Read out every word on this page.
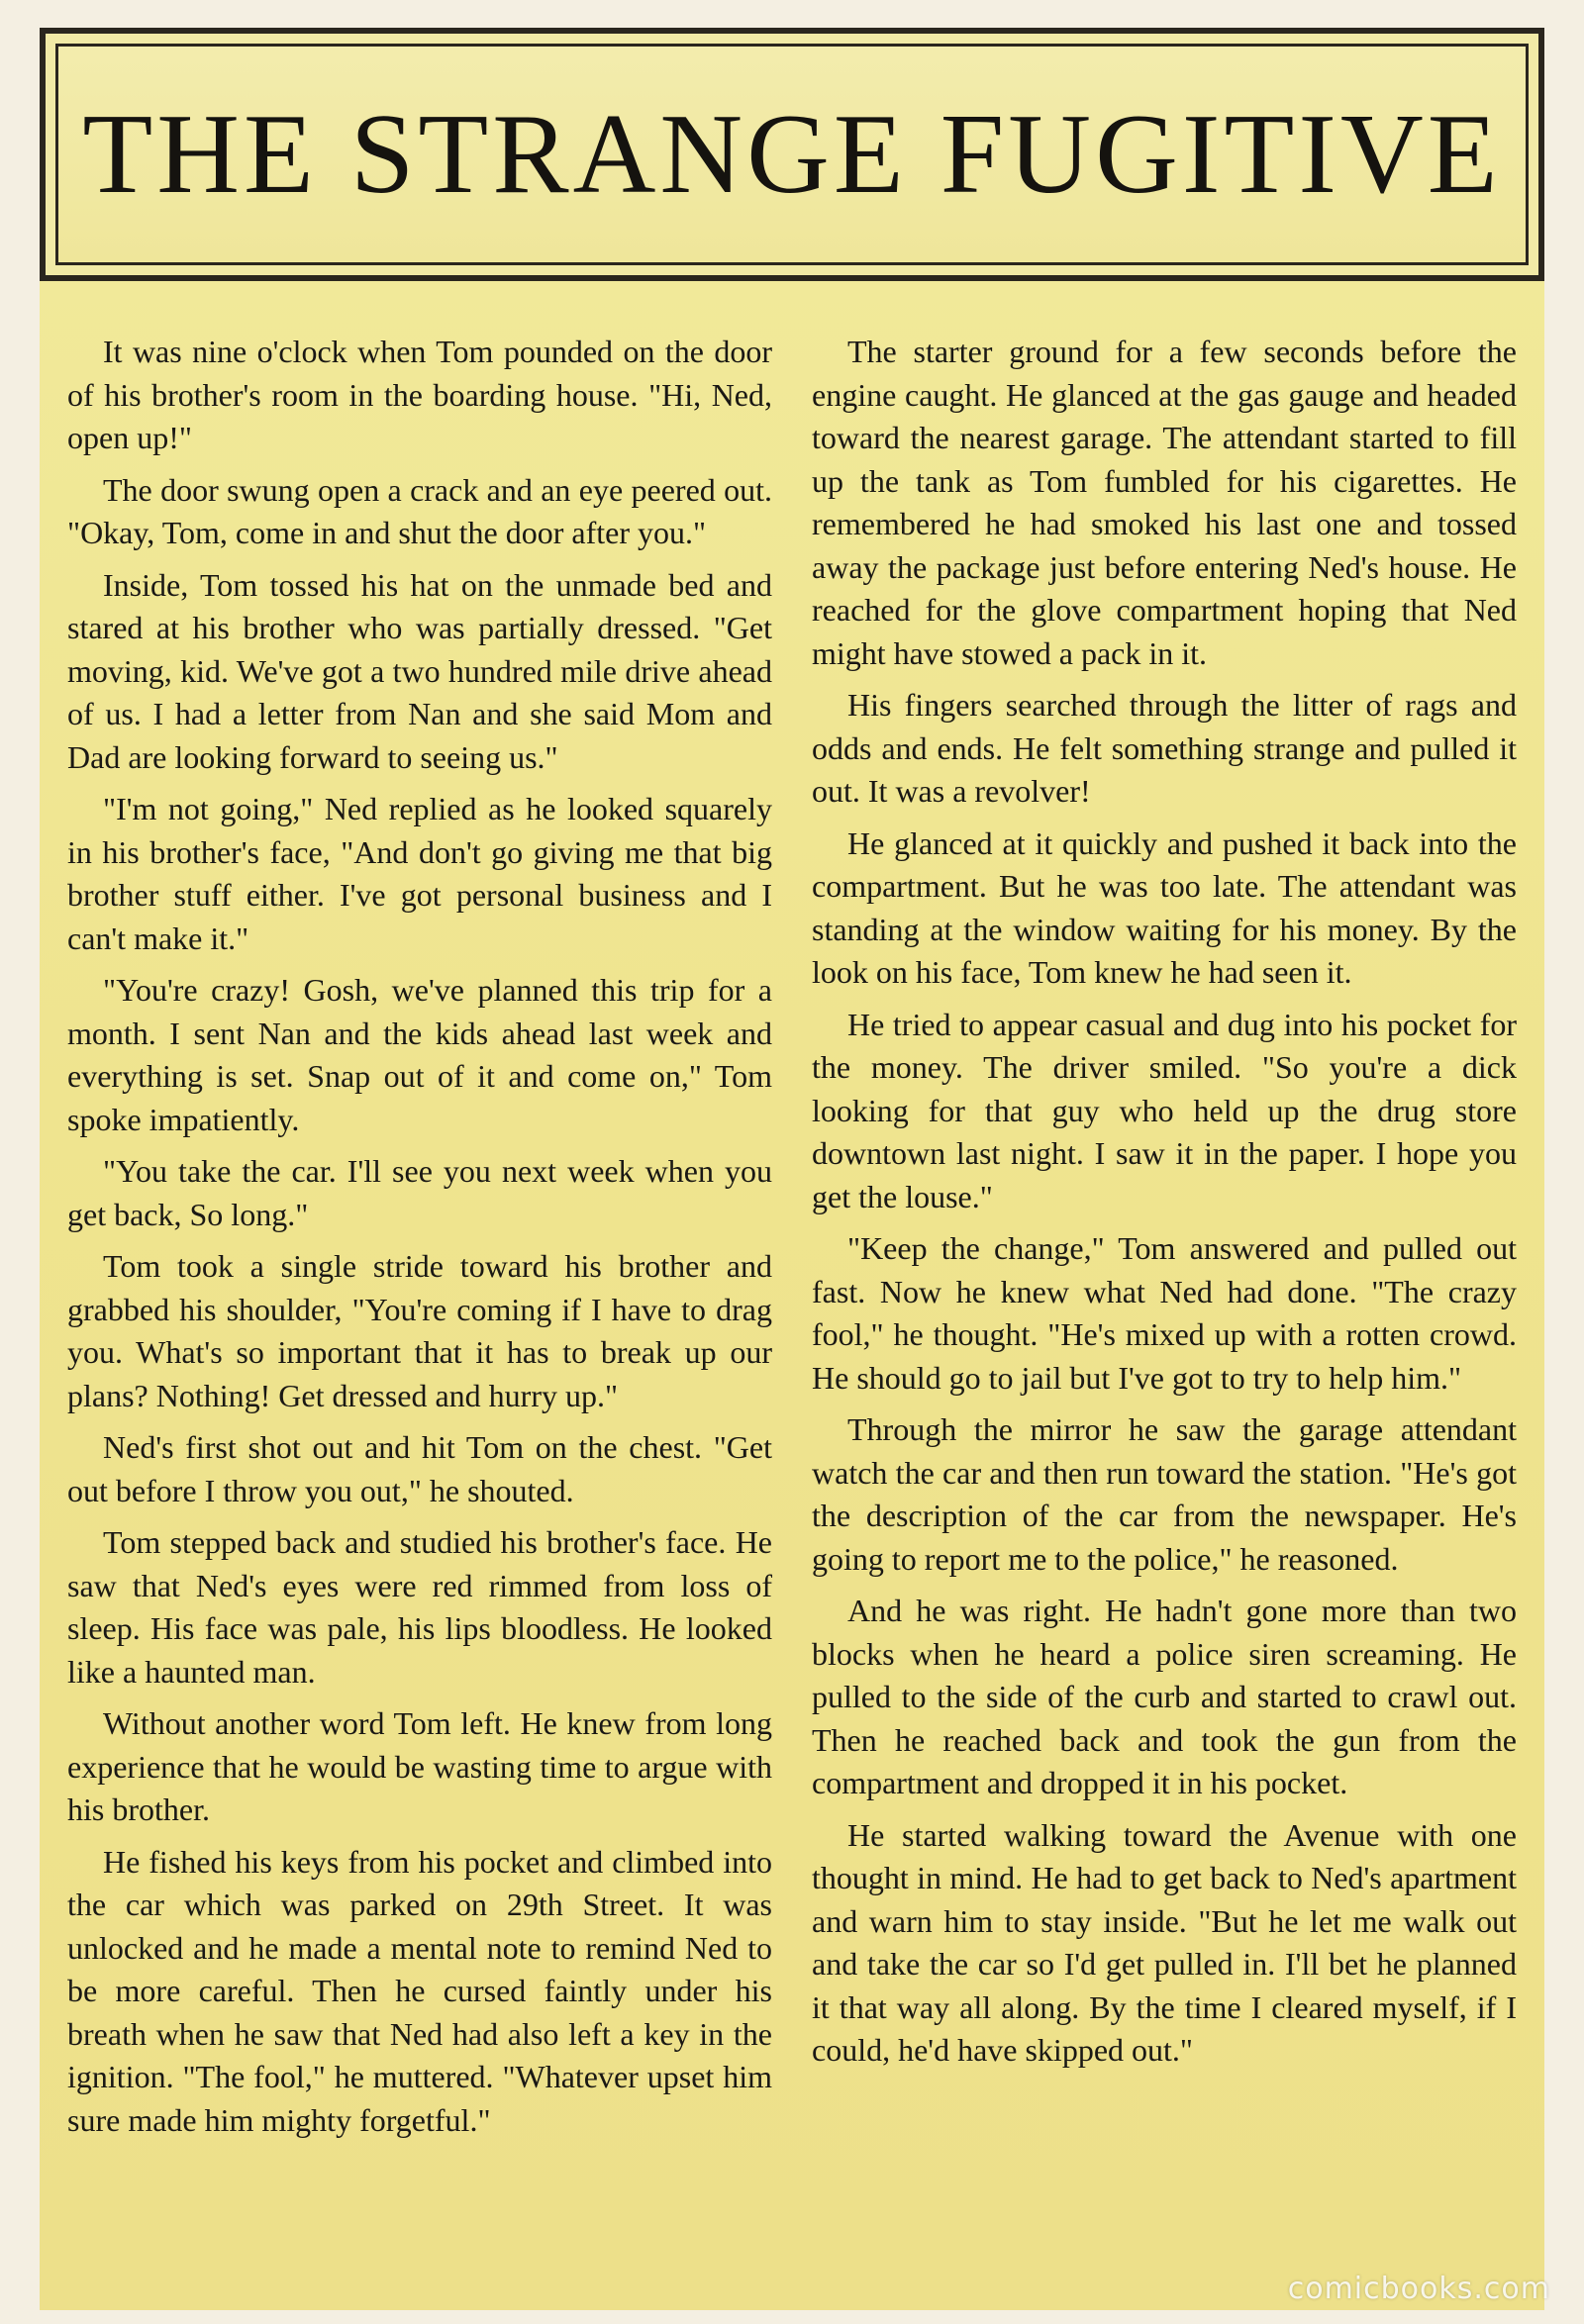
THE STRANGE FUGITIVE

It was nine o'clock when Tom pounded on the door of his brother's room in the boarding house. "Hi, Ned, open up!"

The door swung open a crack and an eye peered out. "Okay, Tom, come in and shut the door after you."

Inside, Tom tossed his hat on the unmade bed and stared at his brother who was partially dressed. "Get moving, kid. We've got a two hundred mile drive ahead of us. I had a letter from Nan and she said Mom and Dad are looking forward to seeing us."

"I'm not going," Ned replied as he looked squarely in his brother's face, "And don't go giving me that big brother stuff either. I've got personal business and I can't make it."

"You're crazy! Gosh, we've planned this trip for a month. I sent Nan and the kids ahead last week and everything is set. Snap out of it and come on," Tom spoke impatiently.

"You take the car. I'll see you next week when you get back, So long."

Tom took a single stride toward his brother and grabbed his shoulder, "You're coming if I have to drag you. What's so important that it has to break up our plans? Nothing! Get dressed and hurry up."

Ned's first shot out and hit Tom on the chest. "Get out before I throw you out," he shouted.

Tom stepped back and studied his brother's face. He saw that Ned's eyes were red rimmed from loss of sleep. His face was pale, his lips bloodless. He looked like a haunted man.

Without another word Tom left. He knew from long experience that he would be wasting time to argue with his brother.

He fished his keys from his pocket and climbed into the car which was parked on 29th Street. It was unlocked and he made a mental note to remind Ned to be more careful. Then he cursed faintly under his breath when he saw that Ned had also left a key in the ignition. "The fool," he muttered. "Whatever upset him sure made him mighty forgetful."

The starter ground for a few seconds before the engine caught. He glanced at the gas gauge and headed toward the nearest garage. The attendant started to fill up the tank as Tom fumbled for his cigarettes. He remembered he had smoked his last one and tossed away the package just before entering Ned's house. He reached for the glove compartment hoping that Ned might have stowed a pack in it.

His fingers searched through the litter of rags and odds and ends. He felt something strange and pulled it out. It was a revolver!

He glanced at it quickly and pushed it back into the compartment. But he was too late. The attendant was standing at the window waiting for his money. By the look on his face, Tom knew he had seen it.

He tried to appear casual and dug into his pocket for the money. The driver smiled. "So you're a dick looking for that guy who held up the drug store downtown last night. I saw it in the paper. I hope you get the louse."

"Keep the change," Tom answered and pulled out fast. Now he knew what Ned had done. "The crazy fool," he thought. "He's mixed up with a rotten crowd. He should go to jail but I've got to try to help him."

Through the mirror he saw the garage attendant watch the car and then run toward the station. "He's got the description of the car from the newspaper. He's going to report me to the police," he reasoned.

And he was right. He hadn't gone more than two blocks when he heard a police siren screaming. He pulled to the side of the curb and started to crawl out. Then he reached back and took the gun from the compartment and dropped it in his pocket.

He started walking toward the Avenue with one thought in mind. He had to get back to Ned's apartment and warn him to stay inside. "But he let me walk out and take the car so I'd get pulled in. I'll bet he planned it that way all along. By the time I cleared myself, if I could, he'd have skipped out."

comicbooks.com
